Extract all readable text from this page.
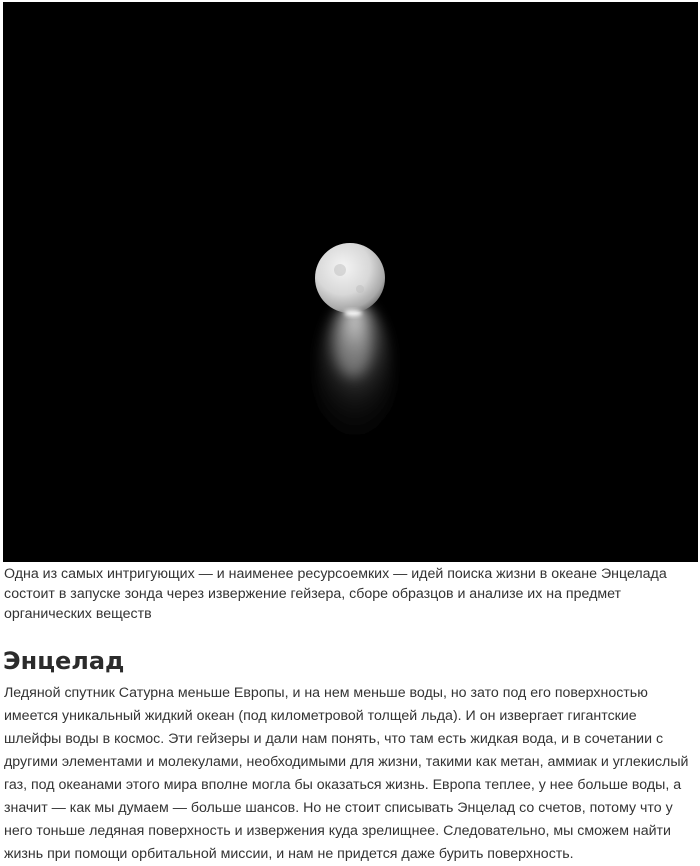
Одна из самых интригующих — и наименее ресурсоемких — идей поиска жизни в океане Энцелада состоит в запуске зонда через извержение гейзера, сборе образцов и анализе их на предмет органических веществ

Энцелад

Ледяной спутник Сатурна меньше Европы, и на нем меньше воды, но зато под его поверхностью имеется уникальный жидкий океан (под километровой толщей льда). И он извергает гигантские шлейфы воды в космос. Эти гейзеры и дали нам понять, что там есть жидкая вода, и в сочетании с другими элементами и молекулами, необходимыми для жизни, такими как метан, аммиак и углекислый газ, под океанами этого мира вполне могла бы оказаться жизнь. Европа теплее, у нее больше воды, а значит — как мы думаем — больше шансов. Но не стоит списывать Энцелад со счетов, потому что у него тоньше ледяная поверхность и извержения куда зрелищнее. Следовательно, мы сможем найти жизнь при помощи орбитальной миссии, и нам не придется даже бурить поверхность.
